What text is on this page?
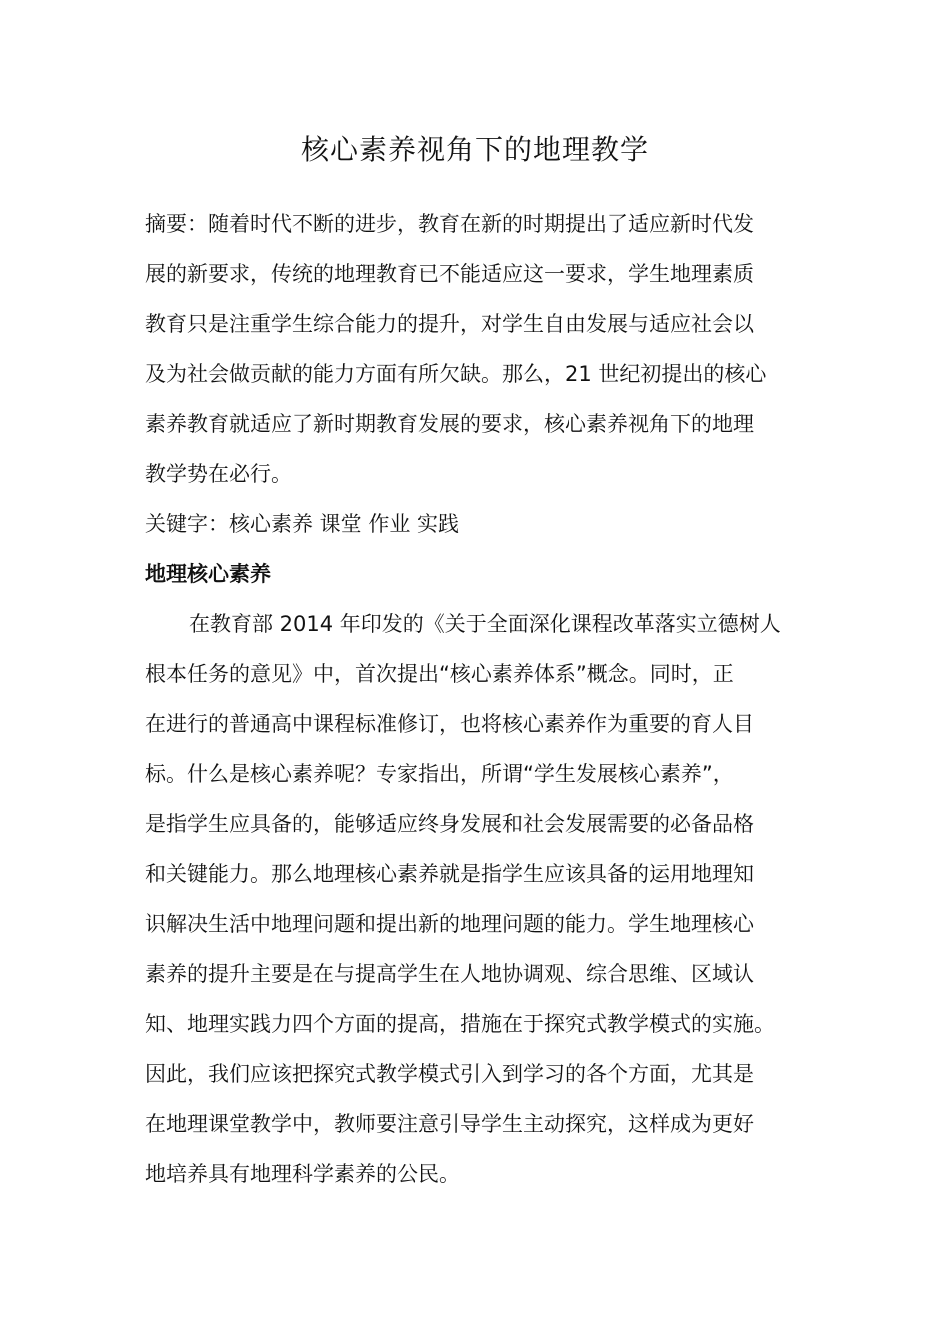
核心素养视角下的地理教学
摘要：随着时代不断的进步，教育在新的时期提出了适应新时代发
展的新要求，传统的地理教育已不能适应这一要求，学生地理素质
教育只是注重学生综合能力的提升，对学生自由发展与适应社会以
及为社会做贡献的能力方面有所欠缺。那么，21 世纪初提出的核心
素养教育就适应了新时期教育发展的要求，核心素养视角下的地理
教学势在必行。
关键字：核心素养 课堂 作业 实践
地理核心素养
在教育部 2014 年印发的《关于全面深化课程改革落实立德树人
根本任务的意见》中，首次提出“核心素养体系”概念。同时，正
在进行的普通高中课程标准修订，也将核心素养作为重要的育人目
标。什么是核心素养呢？专家指出，所谓“学生发展核心素养”，
是指学生应具备的，能够适应终身发展和社会发展需要的必备品格
和关键能力。那么地理核心素养就是指学生应该具备的运用地理知
识解决生活中地理问题和提出新的地理问题的能力。学生地理核心
素养的提升主要是在与提高学生在人地协调观、综合思维、区域认
知、地理实践力四个方面的提高，措施在于探究式教学模式的实施。
因此，我们应该把探究式教学模式引入到学习的各个方面，尤其是
在地理课堂教学中，教师要注意引导学生主动探究，这样成为更好
地培养具有地理科学素养的公民。
